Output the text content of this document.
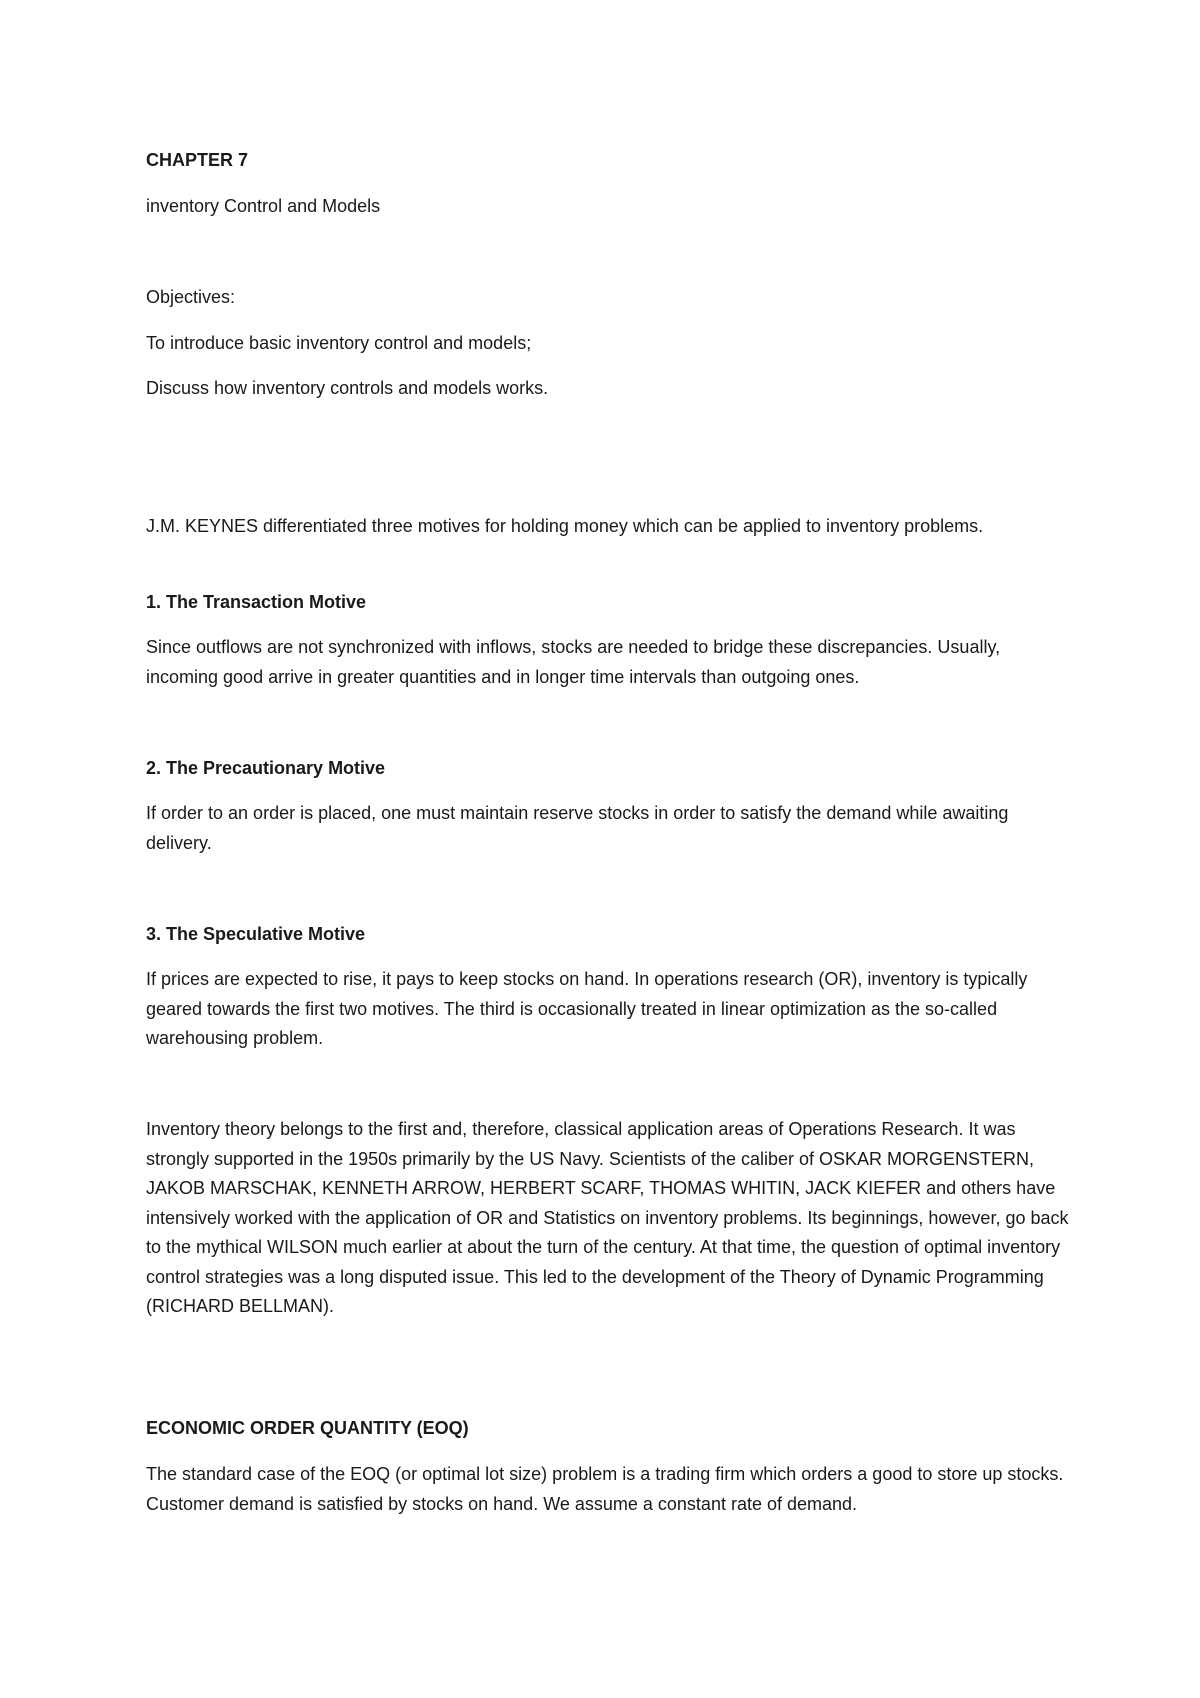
CHAPTER 7

inventory Control and Models

Objectives:

To introduce basic inventory control and models;

Discuss how inventory controls and models works.

J.M. KEYNES differentiated three motives for holding money which can be applied to inventory problems.

1. The Transaction Motive

Since outflows are not synchronized with inflows, stocks are needed to bridge these discrepancies. Usually, incoming good arrive in greater quantities and in longer time intervals than outgoing ones.

2. The Precautionary Motive

If order to an order is placed, one must maintain reserve stocks in order to satisfy the demand while awaiting delivery.

3. The Speculative Motive

If prices are expected to rise, it pays to keep stocks on hand. In operations research (OR), inventory is typically geared towards the first two motives. The third is occasionally treated in linear optimization as the so-called warehousing problem.

Inventory theory belongs to the first and, therefore, classical application areas of Operations Research. It was strongly supported in the 1950s primarily by the US Navy. Scientists of the caliber of OSKAR MORGENSTERN, JAKOB MARSCHAK, KENNETH ARROW, HERBERT SCARF, THOMAS WHITIN, JACK KIEFER and others have intensively worked with the application of OR and Statistics on inventory problems. Its beginnings, however, go back to the mythical WILSON much earlier at about the turn of the century. At that time, the question of optimal inventory control strategies was a long disputed issue. This led to the development of the Theory of Dynamic Programming (RICHARD BELLMAN).

ECONOMIC ORDER QUANTITY (EOQ)

The standard case of the EOQ (or optimal lot size) problem is a trading firm which orders a good to store up stocks. Customer demand is satisfied by stocks on hand. We assume a constant rate of demand.
